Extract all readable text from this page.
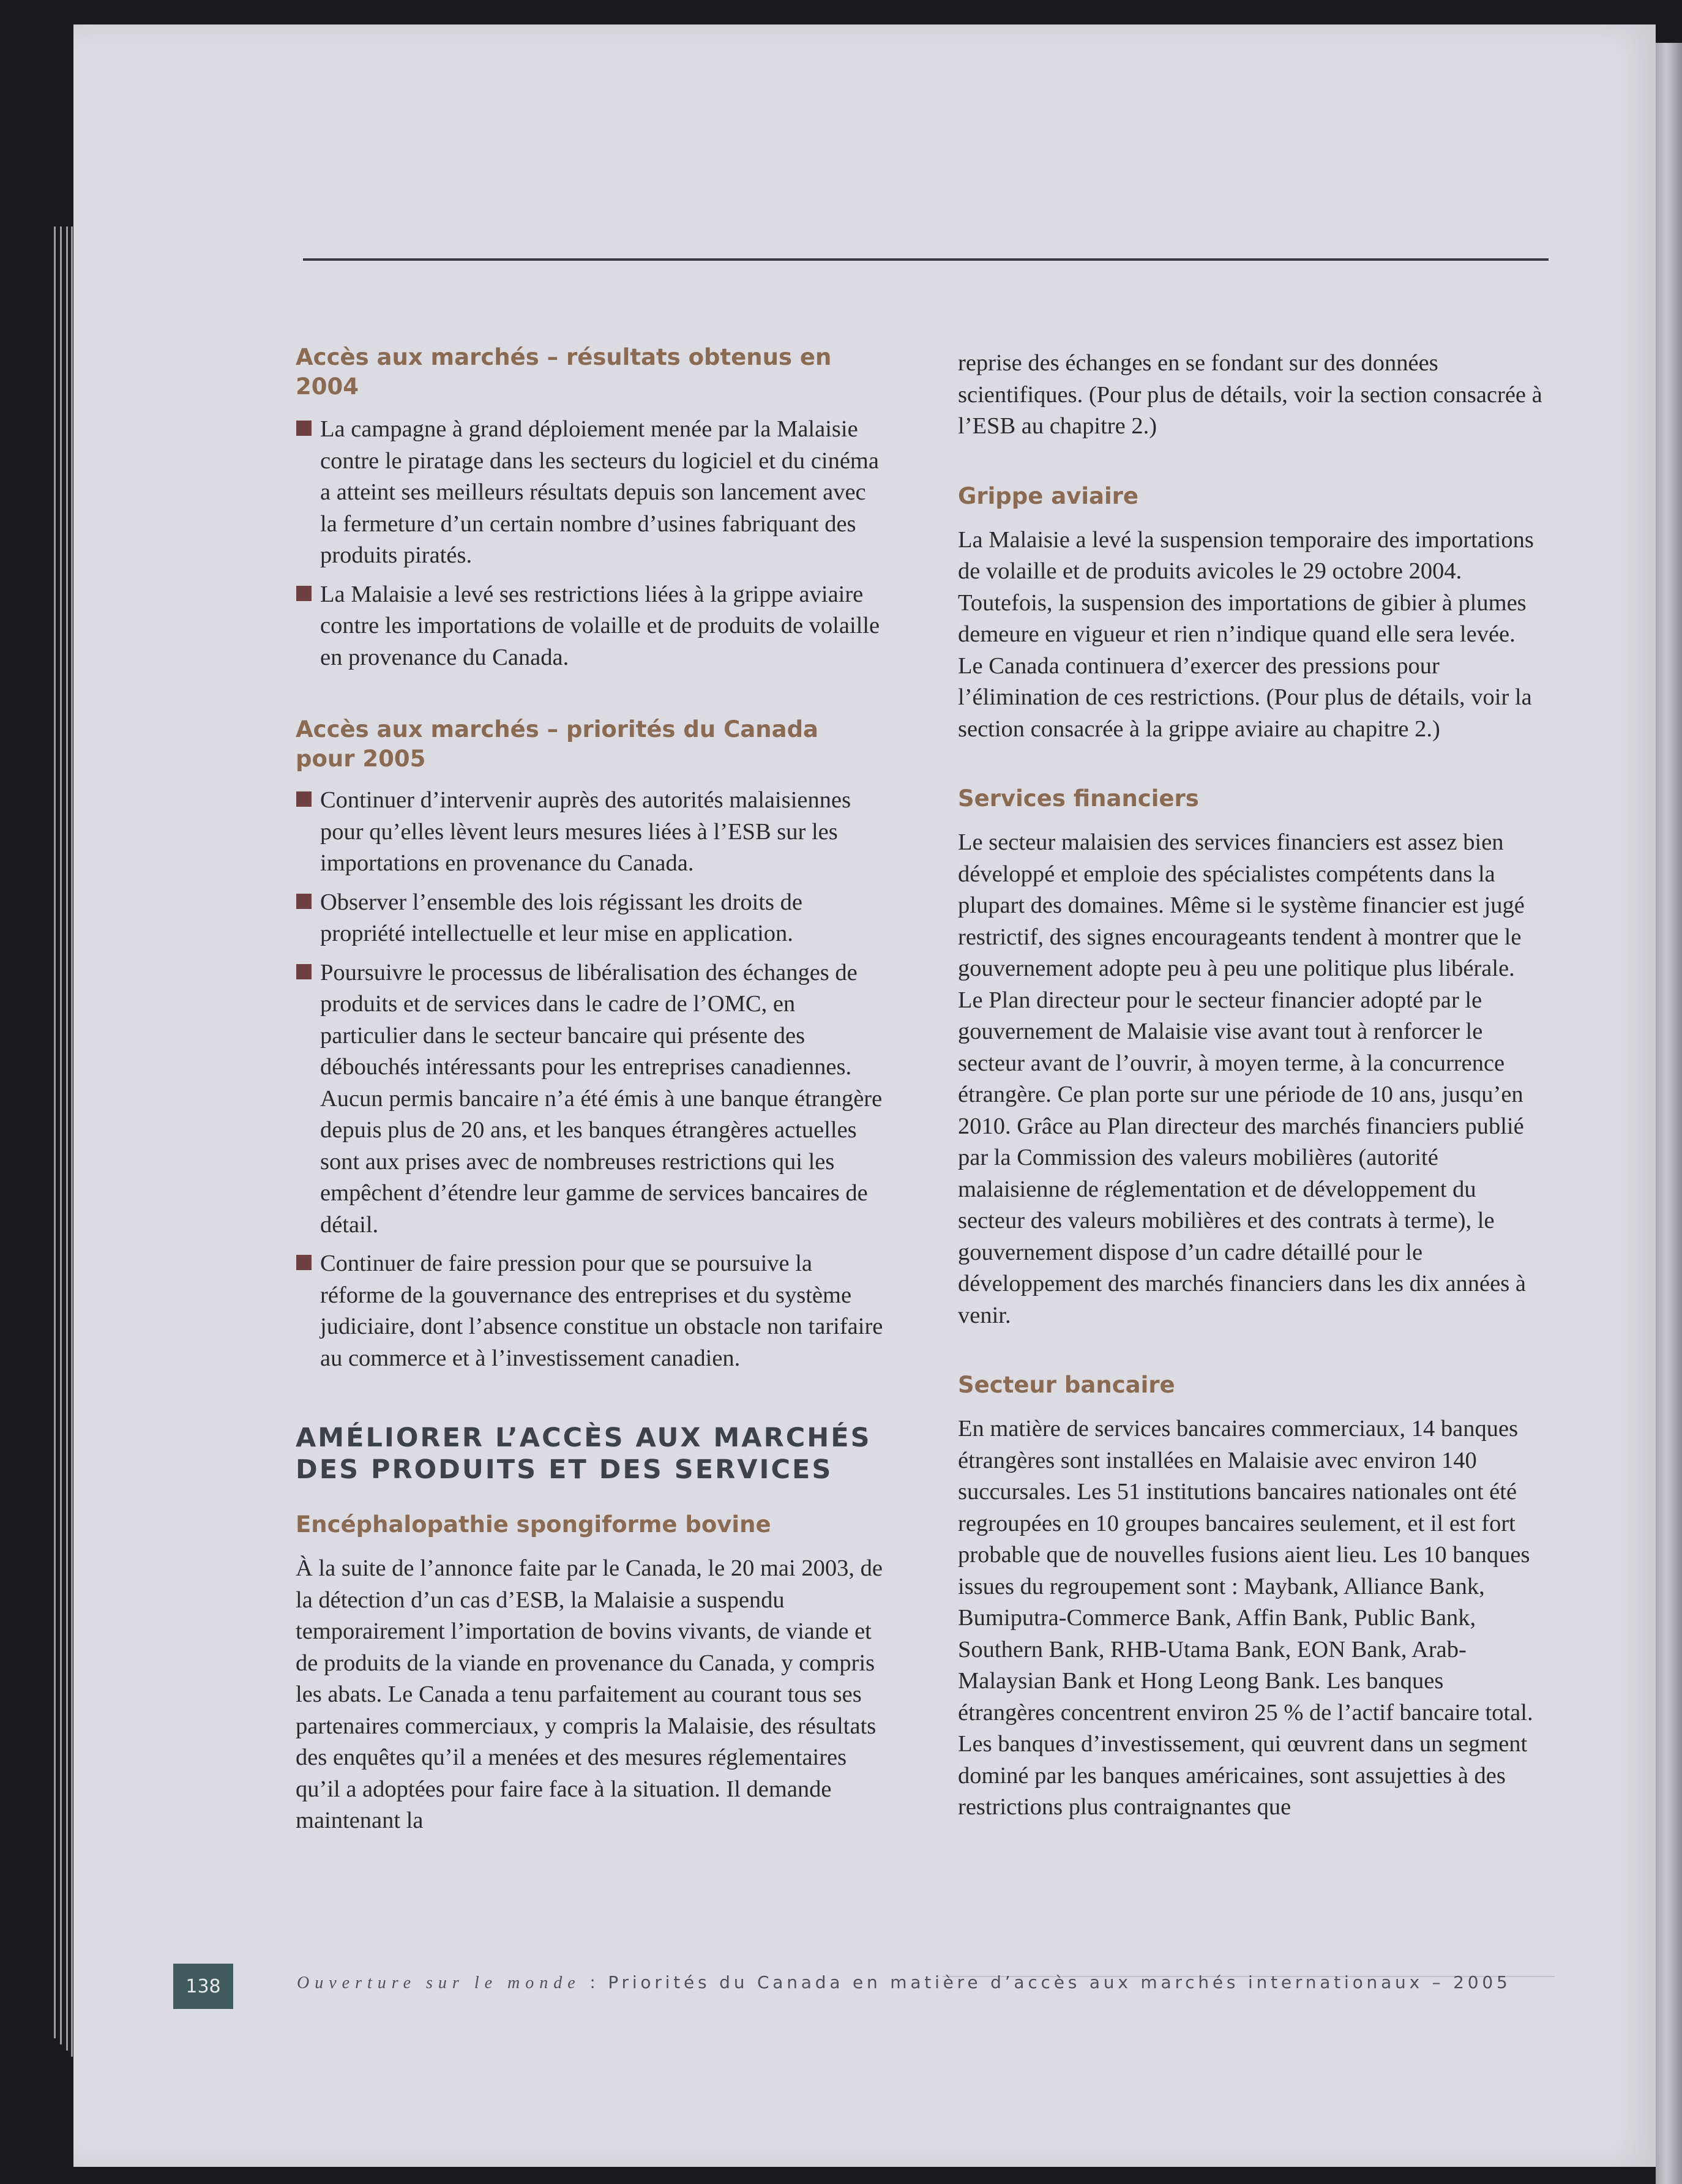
Accès aux marchés – résultats obtenus en 2004

La campagne à grand déploiement menée par la Malaisie contre le piratage dans les secteurs du logiciel et du cinéma a atteint ses meilleurs résultats depuis son lancement avec la fermeture d’un certain nombre d’usines fabriquant des produits piratés.
La Malaisie a levé ses restrictions liées à la grippe aviaire contre les importations de volaille et de produits de volaille en provenance du Canada.

Accès aux marchés – priorités du Canada pour 2005

Continuer d’intervenir auprès des autorités malaisiennes pour qu’elles lèvent leurs mesures liées à l’ESB sur les importations en provenance du Canada.
Observer l’ensemble des lois régissant les droits de propriété intellectuelle et leur mise en application.
Poursuivre le processus de libéralisation des échanges de produits et de services dans le cadre de l’OMC, en particulier dans le secteur bancaire qui présente des débouchés intéressants pour les entreprises canadiennes. Aucun permis bancaire n’a été émis à une banque étrangère depuis plus de 20 ans, et les banques étrangères actuelles sont aux prises avec de nombreuses restrictions qui les empêchent d’étendre leur gamme de services bancaires de détail.
Continuer de faire pression pour que se poursuive la réforme de la gouvernance des entreprises et du système judiciaire, dont l’absence constitue un obstacle non tarifaire au commerce et à l’investissement canadien.

AMÉLIORER L’ACCÈS AUX MARCHÉS DES PRODUITS ET DES SERVICES

Encéphalopathie spongiforme bovine

À la suite de l’annonce faite par le Canada, le 20 mai 2003, de la détection d’un cas d’ESB, la Malaisie a suspendu temporairement l’importation de bovins vivants, de viande et de produits de la viande en provenance du Canada, y compris les abats. Le Canada a tenu parfaitement au courant tous ses partenaires commerciaux, y compris la Malaisie, des résultats des enquêtes qu’il a menées et des mesures réglementaires qu’il a adoptées pour faire face à la situation. Il demande maintenant la

reprise des échanges en se fondant sur des données scientifiques. (Pour plus de détails, voir la section consacrée à l’ESB au chapitre 2.)

Grippe aviaire

La Malaisie a levé la suspension temporaire des importations de volaille et de produits avicoles le 29 octobre 2004. Toutefois, la suspension des importations de gibier à plumes demeure en vigueur et rien n’indique quand elle sera levée. Le Canada continuera d’exercer des pressions pour l’élimination de ces restrictions. (Pour plus de détails, voir la section consacrée à la grippe aviaire au chapitre 2.)

Services financiers

Le secteur malaisien des services financiers est assez bien développé et emploie des spécialistes compétents dans la plupart des domaines. Même si le système financier est jugé restrictif, des signes encourageants tendent à montrer que le gouvernement adopte peu à peu une politique plus libérale. Le Plan directeur pour le secteur financier adopté par le gouvernement de Malaisie vise avant tout à renforcer le secteur avant de l’ouvrir, à moyen terme, à la concurrence étrangère. Ce plan porte sur une période de 10 ans, jusqu’en 2010. Grâce au Plan directeur des marchés financiers publié par la Commission des valeurs mobilières (autorité malaisienne de réglementation et de développement du secteur des valeurs mobilières et des contrats à terme), le gouvernement dispose d’un cadre détaillé pour le développement des marchés financiers dans les dix années à venir.

Secteur bancaire

En matière de services bancaires commerciaux, 14 banques étrangères sont installées en Malaisie avec environ 140 succursales. Les 51 institutions bancaires nationales ont été regroupées en 10 groupes bancaires seulement, et il est fort probable que de nouvelles fusions aient lieu. Les 10 banques issues du regroupement sont : Maybank, Alliance Bank, Bumiputra-Commerce Bank, Affin Bank, Public Bank, Southern Bank, RHB-Utama Bank, EON Bank, Arab-Malaysian Bank et Hong Leong Bank. Les banques étrangères concentrent environ 25 % de l’actif bancaire total. Les banques d’investissement, qui œuvrent dans un segment dominé par les banques américaines, sont assujetties à des restrictions plus contraignantes que

138	Ouverture sur le monde : Priorités du Canada en matière d’accès aux marchés internationaux – 2005
